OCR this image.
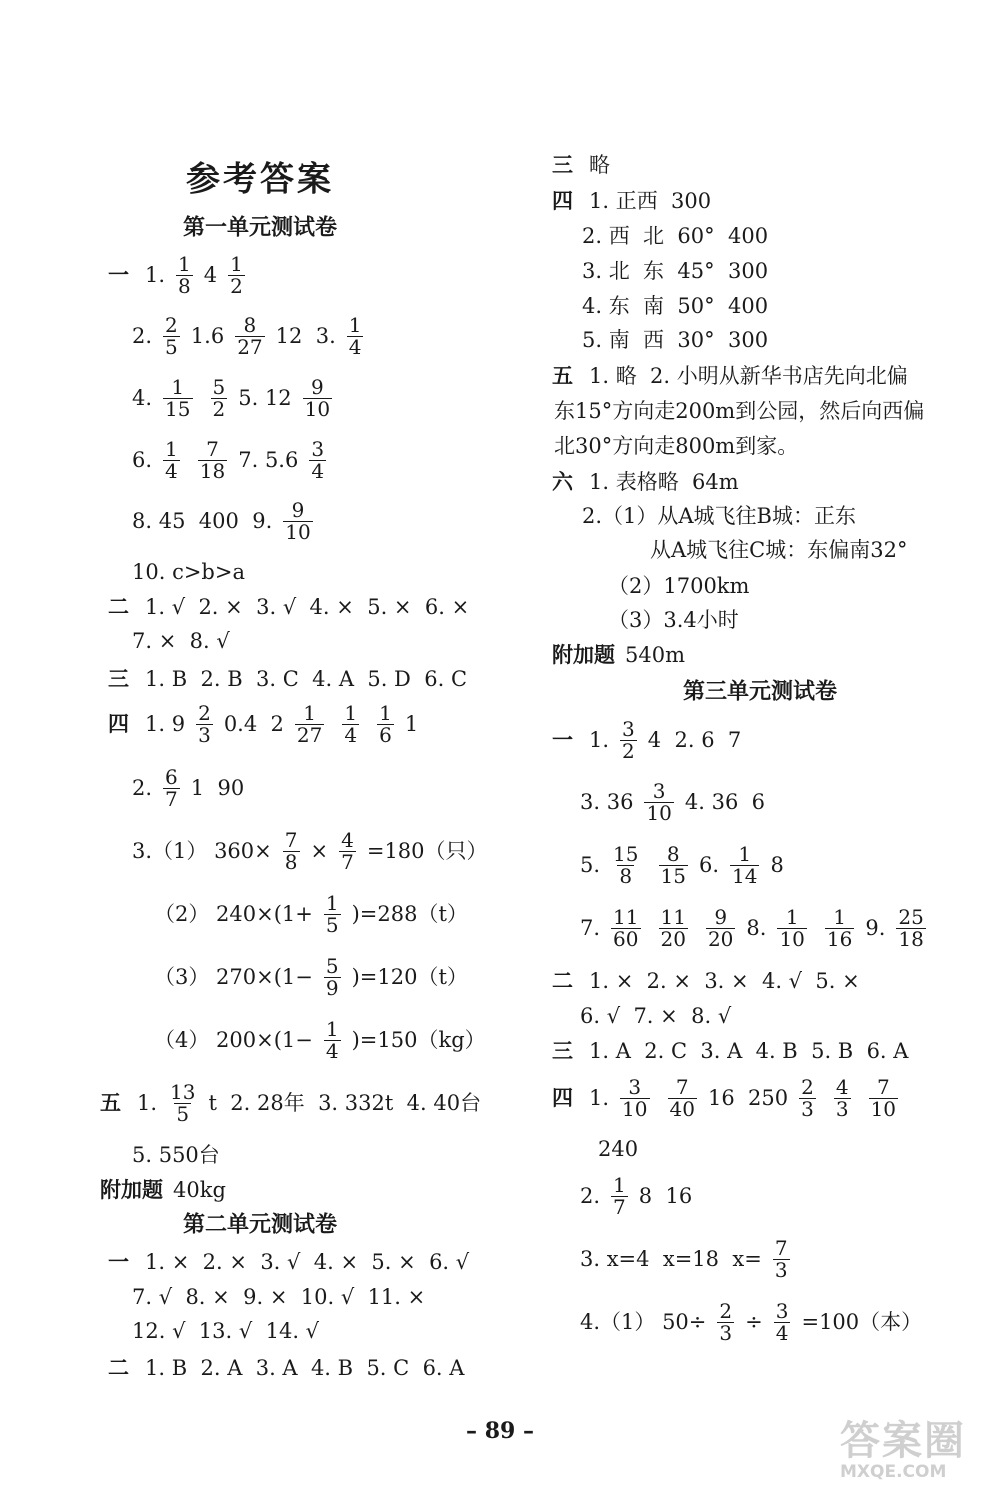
参考答案
第一单元测试卷
一 1. $\frac{1}{8} 4 \frac{1}{2}$
2. $\frac{2}{5} 1.6 \frac{8}{27} 12$  3. $\frac{1}{4}$
4. $\frac{1}{15} \frac{5}{2} 5$. $12 \frac{9}{10}$
6. $\frac{1}{4} \frac{7}{18} 7$. $5.6 \frac{3}{4}$
8. 45  400  9. $\frac{9}{10}$
10. c>b>a
二 1. √  2. ×  3. √  4. ×  5. ×  6. ×
7. ×  8. √
三 1. B  2. B  3. C  4. A  5. D  6. C
四 1. $9 \frac{2}{3} 0.4$  $2 \frac{1}{27} \frac{1}{4} \frac{1}{6} 1$
2. $\frac{6}{7} 1$  90
3.（1） $360\times \frac{7}{8} \times \frac{4}{7} =180$（只）
（2） $240\times(1+ \frac{1}{5} )=288(t)$
（3） $270\times(1- \frac{5}{9} )=120(t)$
（4） $200\times(1- \frac{1}{4} )=150(kg)$
五 1. $\frac{13}{5}$ t  2. 28年  3. 332t  4. 40台
5. 550台
附加题 40kg
第二单元测试卷
一 1. ×  2. ×  3. √  4. ×  5. ×  6. √
7. √  8. ×  9. ×  10. √  11. ×
12. √  13. √  14. √
二 1. B  2. A  3. A  4. B  5. C  6. A
三 略
四 1. 正西  300
2. 西  北  60°  400
3. 北  东  45°  300
4. 东  南  50°  400
5. 南  西  30°  300
五 1. 略  2. 小明从新华书店先向北偏
东15°方向走200m到公园，然后向西偏
北30°方向走800m到家。
六 1. 表格略  64m
2.（1）从A城飞往B城：正东
从A城飞往C城：东偏南32°
（2）1700km
（3）3.4小时
附加题 540m
第三单元测试卷
一 1. $\frac{3}{2} 4$  2. 6  7
3. $36 \frac{3}{10} 4$. 36  6
5. $\frac{15}{8} \frac{8}{15} 6$. $\frac{1}{14} 8$
7. $\frac{11}{60} \frac{11}{20} \frac{9}{20} 8$. $\frac{1}{10} \frac{1}{16} 9$. $\frac{25}{18}$
二 1. ×  2. ×  3. ×  4. √  5. ×
6. √  7. ×  8. √
三 1. A  2. C  3. A  4. B  5. B  6. A
四 1. $\frac{3}{10} \frac{7}{40} 16$  $250 \frac{2}{3} \frac{4}{3} \frac{7}{10}$
240
2. $\frac{1}{7} 8$  16
3. x=4  x=18  $x= \frac{7}{3}$
4.（1） $50\div \frac{2}{3} \div \frac{3}{4} =100$（本）
– 89 –	答案圈
MXQE.COM
